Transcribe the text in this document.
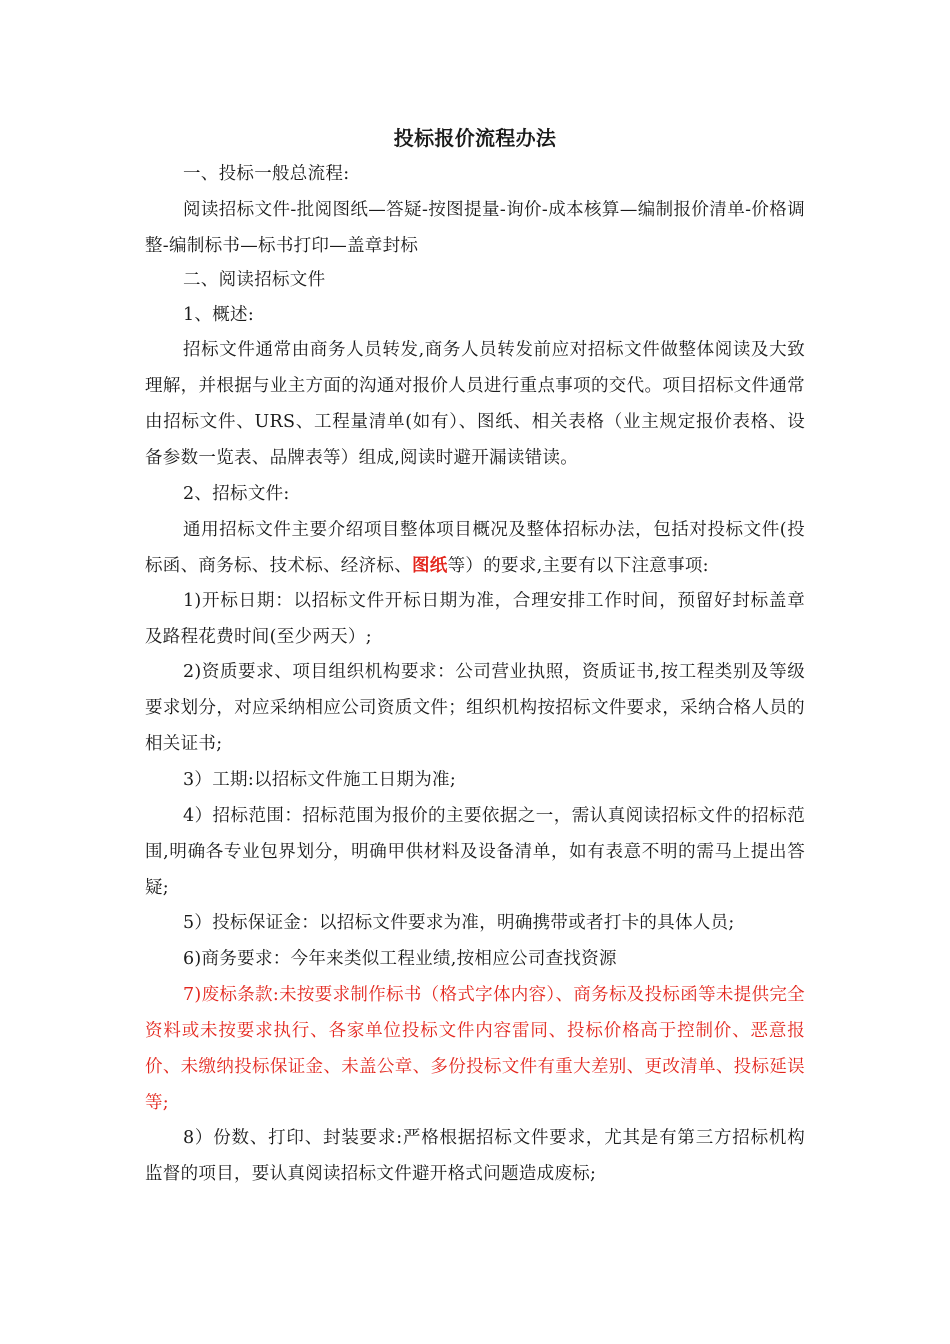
投标报价流程办法

一、投标一般总流程:

阅读招标文件-批阅图纸—答疑-按图提量-询价-成本核算—编制报价清单-价格调整-编制标书—标书打印—盖章封标

二、阅读招标文件

1、概述:

招标文件通常由商务人员转发,商务人员转发前应对招标文件做整体阅读及大致理解，并根据与业主方面的沟通对报价人员进行重点事项的交代。项目招标文件通常由招标文件、URS、工程量清单(如有）、图纸、相关表格（业主规定报价表格、设备参数一览表、品牌表等）组成,阅读时避开漏读错读。

2、招标文件:

通用招标文件主要介绍项目整体项目概况及整体招标办法，包括对投标文件(投标函、商务标、技术标、经济标、图纸等）的要求,主要有以下注意事项:

1)开标日期：以招标文件开标日期为准，合理安排工作时间，预留好封标盖章及路程花费时间(至少两天）;

2)资质要求、项目组织机构要求：公司营业执照，资质证书,按工程类别及等级要求划分，对应采纳相应公司资质文件；组织机构按招标文件要求，采纳合格人员的相关证书;

3）工期:以招标文件施工日期为准;

4）招标范围：招标范围为报价的主要依据之一，需认真阅读招标文件的招标范围,明确各专业包界划分，明确甲供材料及设备清单，如有表意不明的需马上提出答疑;

5）投标保证金：以招标文件要求为准，明确携带或者打卡的具体人员;

6)商务要求：今年来类似工程业绩,按相应公司查找资源

7)废标条款:未按要求制作标书（格式字体内容）、商务标及投标函等未提供完全资料或未按要求执行、各家单位投标文件内容雷同、投标价格高于控制价、恶意报价、未缴纳投标保证金、未盖公章、多份投标文件有重大差别、更改清单、投标延误等;

8）份数、打印、封装要求:严格根据招标文件要求，尤其是有第三方招标机构监督的项目，要认真阅读招标文件避开格式问题造成废标;
